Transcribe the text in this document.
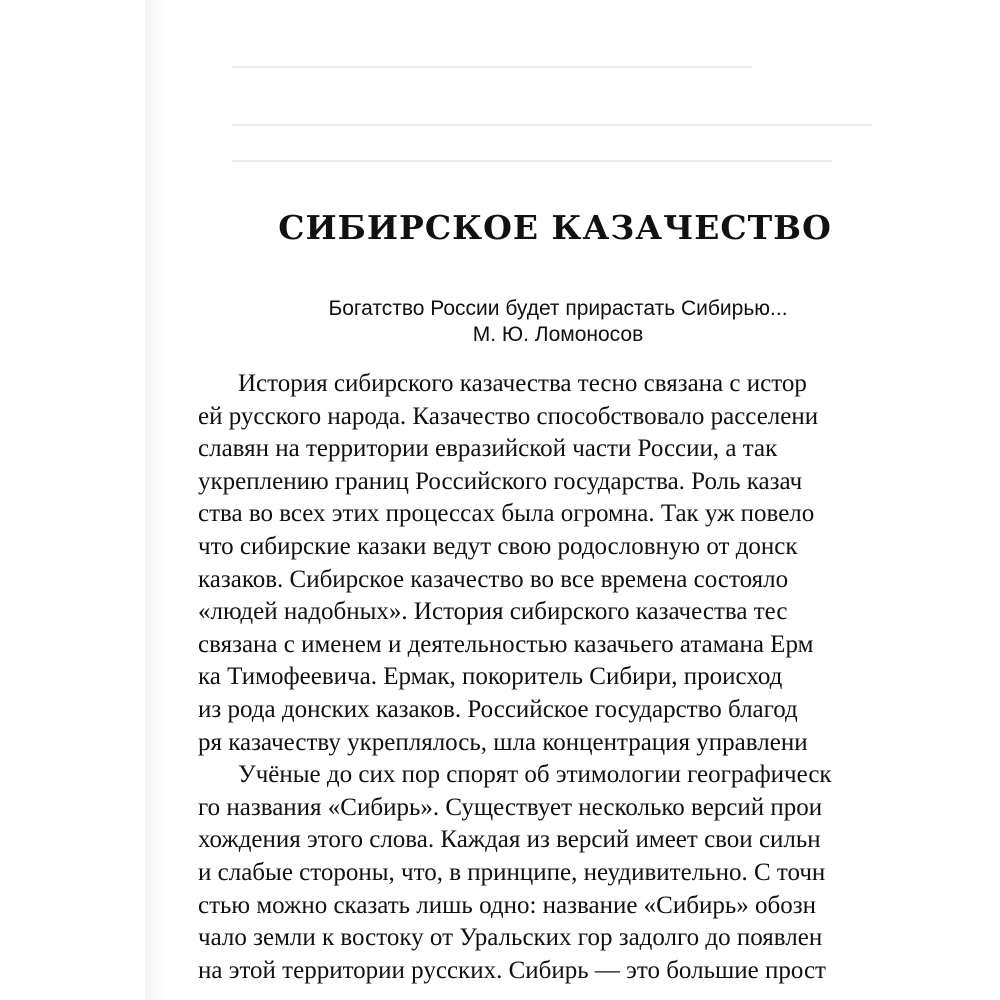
СИБИРСКОЕ КАЗАЧЕСТВО
Богатство России будет прирастать Сибирью...
М. Ю. Ломоносов
История сибирского казачества тесно связана с истор
ей русского народа. Казачество способствовало расселени
славян на территории евразийской части России, а так
укреплению границ Российского государства. Роль казач
ства во всех этих процессах была огромна. Так уж повело
что сибирские казаки ведут свою родословную от донск
казаков. Сибирское казачество во все времена состояло
«людей надобных». История сибирского казачества тес
связана с именем и деятельностью казачьего атамана Ерм
ка Тимофеевича. Ермак, покоритель Сибири, происход
из рода донских казаков. Российское государство благод
ря казачеству укреплялось, шла концентрация управлени
Учёные до сих пор спорят об этимологии географическ
го названия «Сибирь». Существует несколько версий прои
хождения этого слова. Каждая из версий имеет свои сильн
и слабые стороны, что, в принципе, неудивительно. С точн
стью можно сказать лишь одно: название «Сибирь» обозн
чало земли к востоку от Уральских гор задолго до появлен
на этой территории русских. Сибирь — это большие прост
